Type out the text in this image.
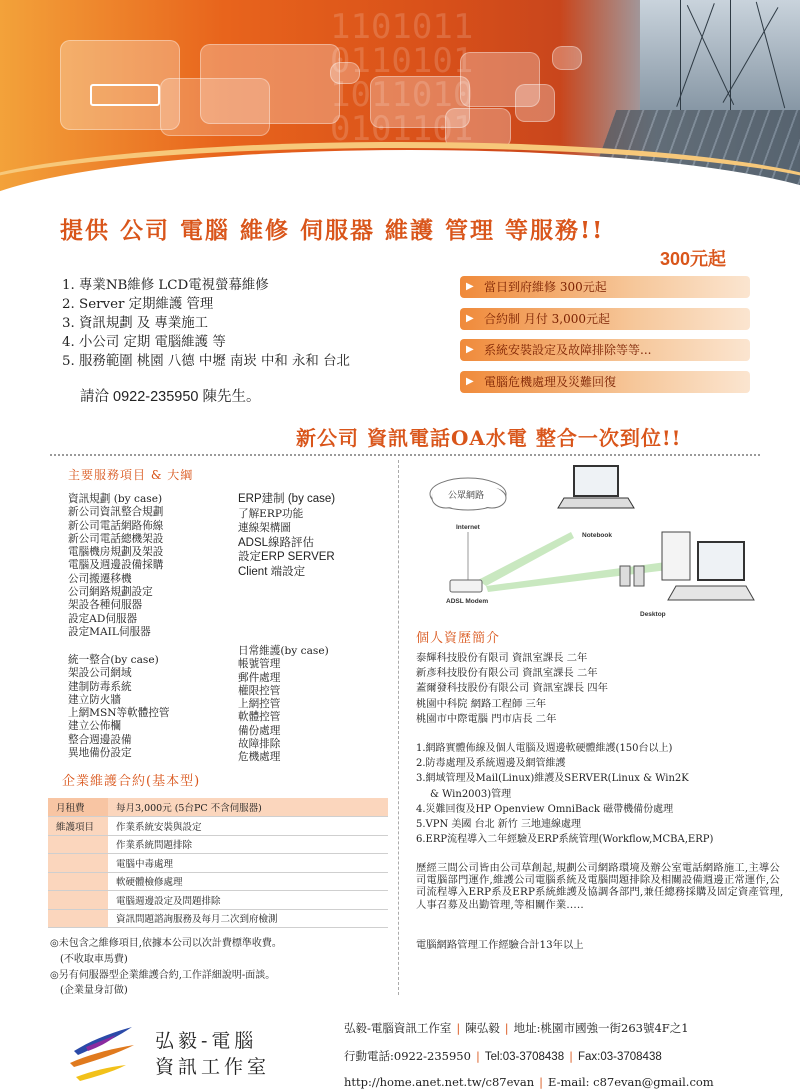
1101011
0110101
1011010
0101101
提供 公司 電腦 維修 伺服器 維護 管理 等服務!!
300元起
1. 專業NB維修 LCD電視螢幕維修
2. Server 定期維護 管理
3. 資訊規劃 及 專業施工
4. 小公司 定期 電腦維護 等
5. 服務範圍 桃園 八德 中壢 南崁 中和 永和 台北
請洽 0922-235950 陳先生。
▶ 當日到府維修 300元起
▶ 合約制 月付 3,000元起
▶ 系統安裝設定及故障排除等等...
▶ 電腦危機處理及災難回復
新公司 資訊電話OA水電 整合一次到位!!
主要服務項目 & 大綱
資訊規劃 (by case)
新公司資訊整合規劃
新公司電話網路佈線
新公司電話總機架設
電腦機房規劃及架設
電腦及週邊設備採購
公司搬遷移機
公司網路規劃設定
架設各種伺服器
設定AD伺服器
設定MAIL伺服器
ERP建制 (by case)
了解ERP功能
連線架構圖
ADSL線路評估
設定ERP SERVER
Client 端設定
統一整合(by case)
架設公司網域
建制防毒系統
建立防火牆
上網MSN等軟體控管
建立公佈欄
整合週邊設備
異地備份設定
日常維護(by case)
帳號管理
郵件處理
權限控管
上網控管
軟體控管
備份處理
故障排除
危機處理
企業維護合約(基本型)
月租費	每月3,000元 (5台PC 不含伺服器)
維護項目	作業系統安裝與設定
	作業系統問題排除
	電腦中毒處理
	軟硬體檢修處理
	電腦週邊設定及問題排除
	資訊問題諮詢服務及每月二次到府檢測
◎未包含之維修項目,依據本公司以次計費標準收費。
(不收取車馬費)
◎另有伺服器型企業維護合約,工作詳細說明-面談。
(企業量身訂做)
公眾網路
Internet
Notebook
ADSL Modem
Desktop
個人資歷簡介
泰輝科技股份有限司 資訊室課長 二年
新彥科技股份有限公司 資訊室課長 二年
蓋爾發科技股份有限公司 資訊室課長 四年
桃園中科院 網路工程師 三年
桃園市中際電腦 門市店長 二年
1.網路實體佈線及個人電腦及週邊軟硬體維護(150台以上)
2.防毒處理及系統週邊及網管維護
3.網域管理及Mail(Linux)維護及SERVER(Linux & Win2K
& Win2003)管理
4.災難回復及HP Openview OmniBack 磁帶機備份處理
5.VPN 美國 台北 新竹 三地連線處理
6.ERP流程導入二年經驗及ERP系統管理(Workflow,MCBA,ERP)
歷經三間公司皆由公司草創起,規劃公司網路環境及辦公室電話網路施工,主導公司電腦部門運作,維護公司電腦系統及電腦問題排除及相關設備週邊正常運作,公司流程導入ERP系及ERP系統維護及協調各部門,兼任總務採購及固定資產管理,人事召募及出勤管理,等相關作業.....
電腦網路管理工作經驗合計13年以上
弘毅-電腦
資訊工作室
弘毅-電腦資訊工作室 | 陳弘毅 | 地址:桃園市國強一街263號4F之1
行動電話:0922-235950 | Tel:03-3708438 | Fax:03-3708438
http://home.anet.net.tw/c87evan | E-mail: c87evan@gmail.com
